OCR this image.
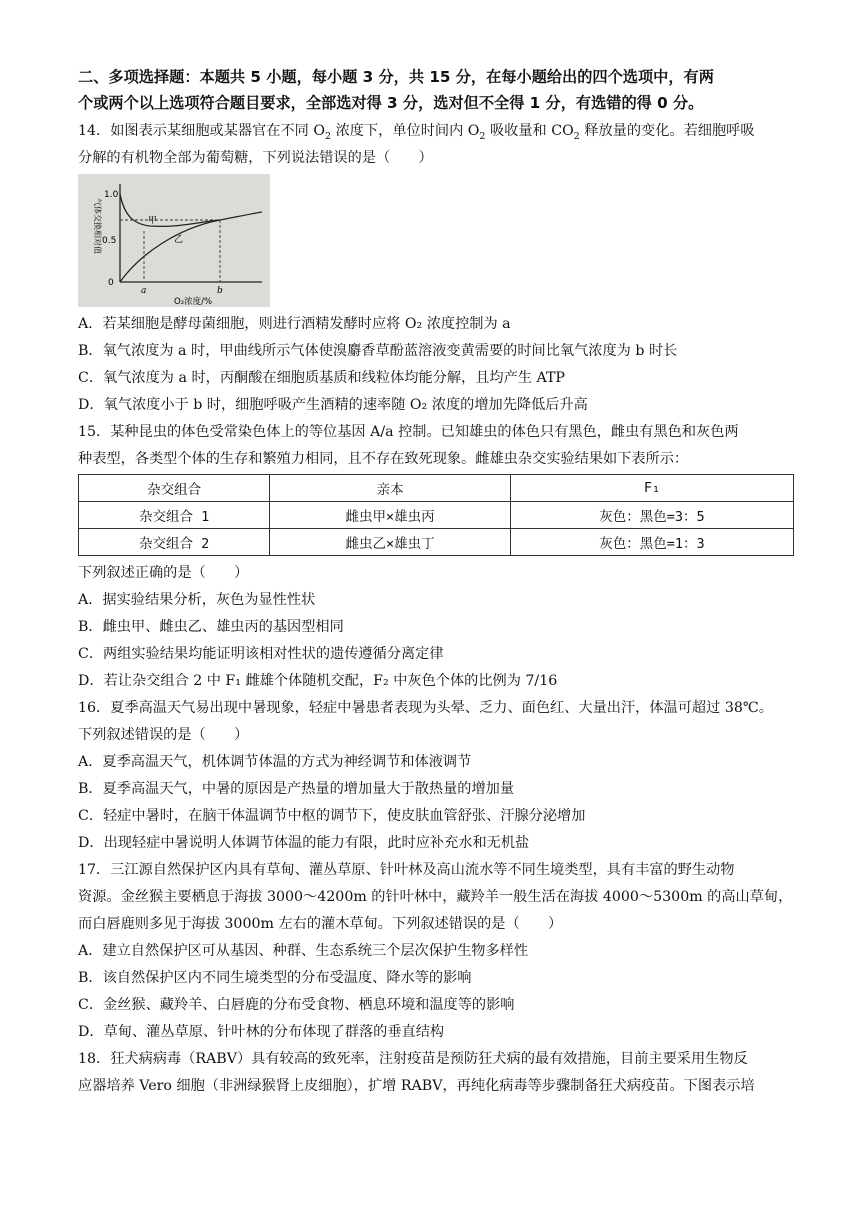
二、多项选择题：本题共 5 小题，每小题 3 分，共 15 分，在每小题给出的四个选项中，有两

个或两个以上选项符合题目要求，全部选对得 3 分，选对但不全得 1 分，有选错的得 0 分。

14．如图表示某细胞或某器官在不同 $O_2$ 浓度下，单位时间内 $O_2$ 吸收量和 $CO_2$ 释放量的变化。若细胞呼吸

分解的有机物全部为葡萄糖，下列说法错误的是（　　）

1.0
0.5
0
a	b
甲
乙
O₂浓度/%
气体交换相对值

A．若某细胞是酵母菌细胞，则进行酒精发酵时应将 O₂ 浓度控制为 a

B．氧气浓度为 a 时，甲曲线所示气体使溴麝香草酚蓝溶液变黄需要的时间比氧气浓度为 b 时长

C．氧气浓度为 a 时，丙酮酸在细胞质基质和线粒体均能分解，且均产生 ATP

D．氧气浓度小于 b 时，细胞呼吸产生酒精的速率随 O₂ 浓度的增加先降低后升高

15．某种昆虫的体色受常染色体上的等位基因 A/a 控制。已知雄虫的体色只有黑色，雌虫有黑色和灰色两

种表型，各类型个体的生存和繁殖力相同，且不存在致死现象。雌雄虫杂交实验结果如下表所示：

杂交组合	亲本	F₁
杂交组合 1	雌虫甲×雄虫丙	灰色：黑色=3：5
杂交组合 2	雌虫乙×雄虫丁	灰色：黑色=1：3

下列叙述正确的是（　　）

A．据实验结果分析，灰色为显性性状

B．雌虫甲、雌虫乙、雄虫丙的基因型相同

C．两组实验结果均能证明该相对性状的遗传遵循分离定律

D．若让杂交组合 2 中 F₁ 雌雄个体随机交配，F₂ 中灰色个体的比例为 7/16

16．夏季高温天气易出现中暑现象，轻症中暑患者表现为头晕、乏力、面色红、大量出汗，体温可超过 38℃。

下列叙述错误的是（　　）

A．夏季高温天气，机体调节体温的方式为神经调节和体液调节

B．夏季高温天气，中暑的原因是产热量的增加量大于散热量的增加量

C．轻症中暑时，在脑干体温调节中枢的调节下，使皮肤血管舒张、汗腺分泌增加

D．出现轻症中暑说明人体调节体温的能力有限，此时应补充水和无机盐

17．三江源自然保护区内具有草甸、灌丛草原、针叶林及高山流水等不同生境类型，具有丰富的野生动物

资源。金丝猴主要栖息于海拔 3000～4200m 的针叶林中，藏羚羊一般生活在海拔 4000～5300m 的高山草甸，

而白唇鹿则多见于海拔 3000m 左右的灌木草甸。下列叙述错误的是（　　）

A．建立自然保护区可从基因、种群、生态系统三个层次保护生物多样性

B．该自然保护区内不同生境类型的分布受温度、降水等的影响

C．金丝猴、藏羚羊、白唇鹿的分布受食物、栖息环境和温度等的影响

D．草甸、灌丛草原、针叶林的分布体现了群落的垂直结构

18．狂犬病病毒（RABV）具有较高的致死率，注射疫苗是预防狂犬病的最有效措施，目前主要采用生物反

应器培养 Vero 细胞（非洲绿猴肾上皮细胞），扩增 RABV，再纯化病毒等步骤制备狂犬病疫苗。下图表示培
